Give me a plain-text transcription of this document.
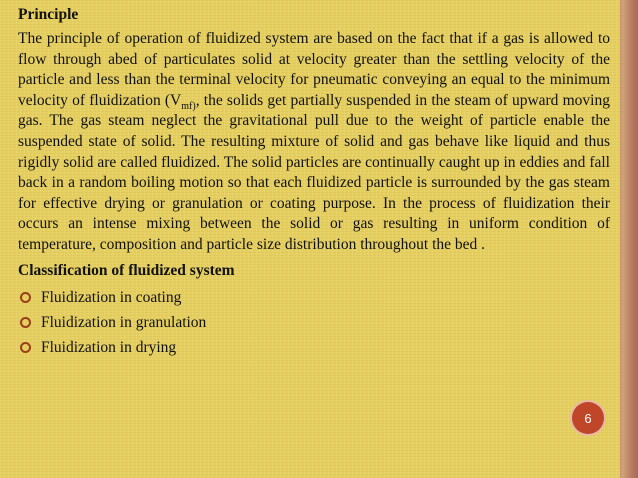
Principle

The principle of operation of fluidized system are based on the fact that if a gas is allowed to flow through abed of particulates solid at velocity greater than the settling velocity of the particle and less than the terminal velocity for pneumatic conveying an equal to the minimum velocity of fluidization ($V_{mf)}$, the solids get partially suspended in the steam of upward moving gas. The gas steam neglect the gravitational pull due to the weight of particle enable the suspended state of solid. The resulting mixture of solid and gas behave like liquid and thus rigidly solid are called fluidized. The solid particles are continually caught up in eddies and fall back in a random boiling motion so that each fluidized particle is surrounded by the gas steam for effective drying or granulation or coating purpose. In the process of fluidization their occurs an intense mixing between the solid or gas resulting in uniform condition of temperature, composition and particle size distribution throughout the bed .

Classification of fluidized system
Fluidization in coating
Fluidization in granulation
Fluidization in drying
6
